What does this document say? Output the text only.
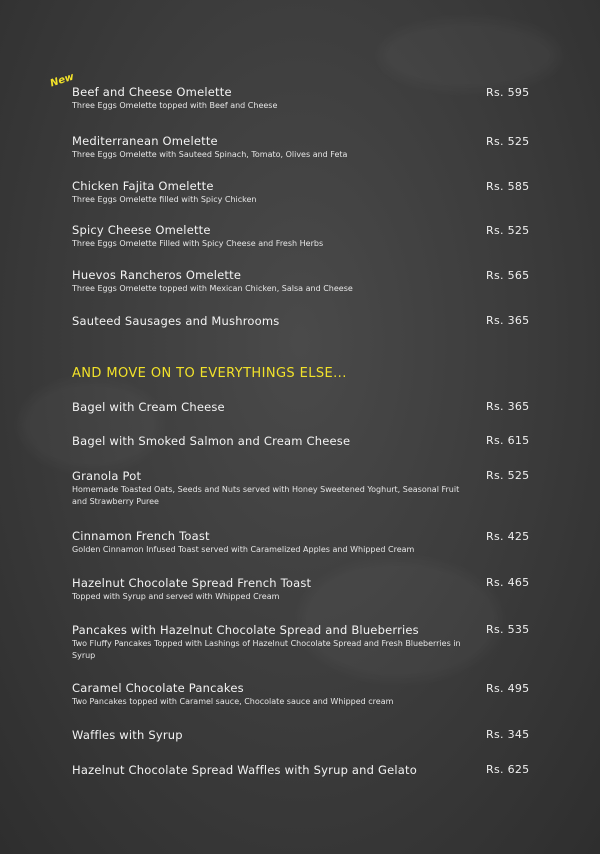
New
Beef and Cheese Omelette
Three Eggs Omelette topped with Beef and Cheese
Rs. 595
Mediterranean Omelette
Three Eggs Omelette with Sauteed Spinach, Tomato, Olives and Feta
Rs. 525
Chicken Fajita Omelette
Three Eggs Omelette filled with Spicy Chicken
Rs. 585
Spicy Cheese Omelette
Three Eggs Omelette Filled with Spicy Cheese and Fresh Herbs
Rs. 525
Huevos Rancheros Omelette
Three Eggs Omelette topped with Mexican Chicken, Salsa and Cheese
Rs. 565
Sauteed Sausages and Mushrooms	Rs. 365
AND MOVE ON TO EVERYTHINGS ELSE...
Bagel with Cream Cheese	Rs. 365
Bagel with Smoked Salmon and Cream Cheese	Rs. 615
Granola Pot
Homemade Toasted Oats, Seeds and Nuts served with Honey Sweetened Yoghurt, Seasonal Fruit and Strawberry Puree
Rs. 525
Cinnamon French Toast
Golden Cinnamon Infused Toast served with Caramelized Apples and Whipped Cream
Rs. 425
Hazelnut Chocolate Spread French Toast
Topped with Syrup and served with Whipped Cream
Rs. 465
Pancakes with Hazelnut Chocolate Spread and Blueberries
Two Fluffy Pancakes Topped with Lashings of Hazelnut Chocolate Spread and Fresh Blueberries in Syrup
Rs. 535
Caramel Chocolate Pancakes
Two Pancakes topped with Caramel sauce, Chocolate sauce and Whipped cream
Rs. 495
Waffles with Syrup	Rs. 345
Hazelnut Chocolate Spread Waffles with Syrup and Gelato	Rs. 625
